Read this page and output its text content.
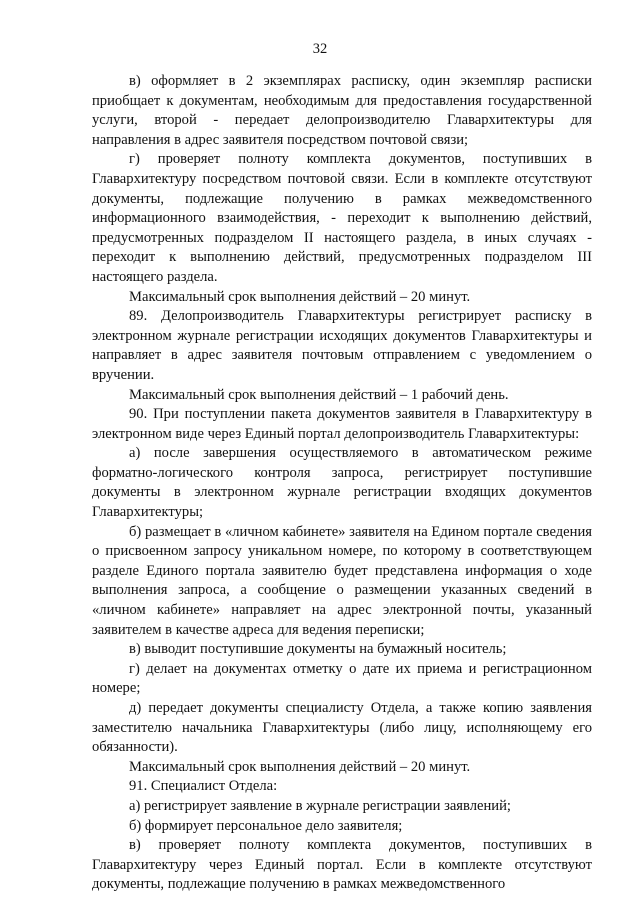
32

в) оформляет в 2 экземплярах расписку, один экземпляр расписки приобщает к документам, необходимым для предоставления государственной услуги, второй - передает делопроизводителю Главархитектуры для направления в адрес заявителя посредством почтовой связи;

г) проверяет полноту комплекта документов, поступивших в Главархитектуру посредством почтовой связи. Если в комплекте отсутствуют документы, подлежащие получению в рамках межведомственного информационного взаимодействия, - переходит к выполнению действий, предусмотренных подразделом II настоящего раздела, в иных случаях - переходит к выполнению действий, предусмотренных подразделом III настоящего раздела.

Максимальный срок выполнения действий – 20 минут.

89. Делопроизводитель Главархитектуры регистрирует расписку в электронном журнале регистрации исходящих документов Главархитектуры и направляет в адрес заявителя почтовым отправлением с уведомлением о вручении.

Максимальный срок выполнения действий – 1 рабочий день.

90. При поступлении пакета документов заявителя в Главархитектуру в электронном виде через Единый портал делопроизводитель Главархитектуры:

а) после завершения осуществляемого в автоматическом режиме форматно-логического контроля запроса, регистрирует поступившие документы в электронном журнале регистрации входящих документов Главархитектуры;

б) размещает в «личном кабинете» заявителя на Едином портале сведения о присвоенном запросу уникальном номере, по которому в соответствующем разделе Единого портала заявителю будет представлена информация о ходе выполнения запроса, а сообщение о размещении указанных сведений в «личном кабинете» направляет на адрес электронной почты, указанный заявителем в качестве адреса для ведения переписки;

в) выводит поступившие документы на бумажный носитель;

г) делает на документах отметку о дате их приема и регистрационном номере;

д) передает документы специалисту Отдела, а также копию заявления заместителю начальника Главархитектуры (либо лицу, исполняющему его обязанности).

Максимальный срок выполнения действий – 20 минут.

91. Специалист Отдела:

а) регистрирует заявление в журнале регистрации заявлений;

б) формирует персональное дело заявителя;

в) проверяет полноту комплекта документов, поступивших в Главархитектуру через Единый портал. Если в комплекте отсутствуют документы, подлежащие получению в рамках межведомственного
